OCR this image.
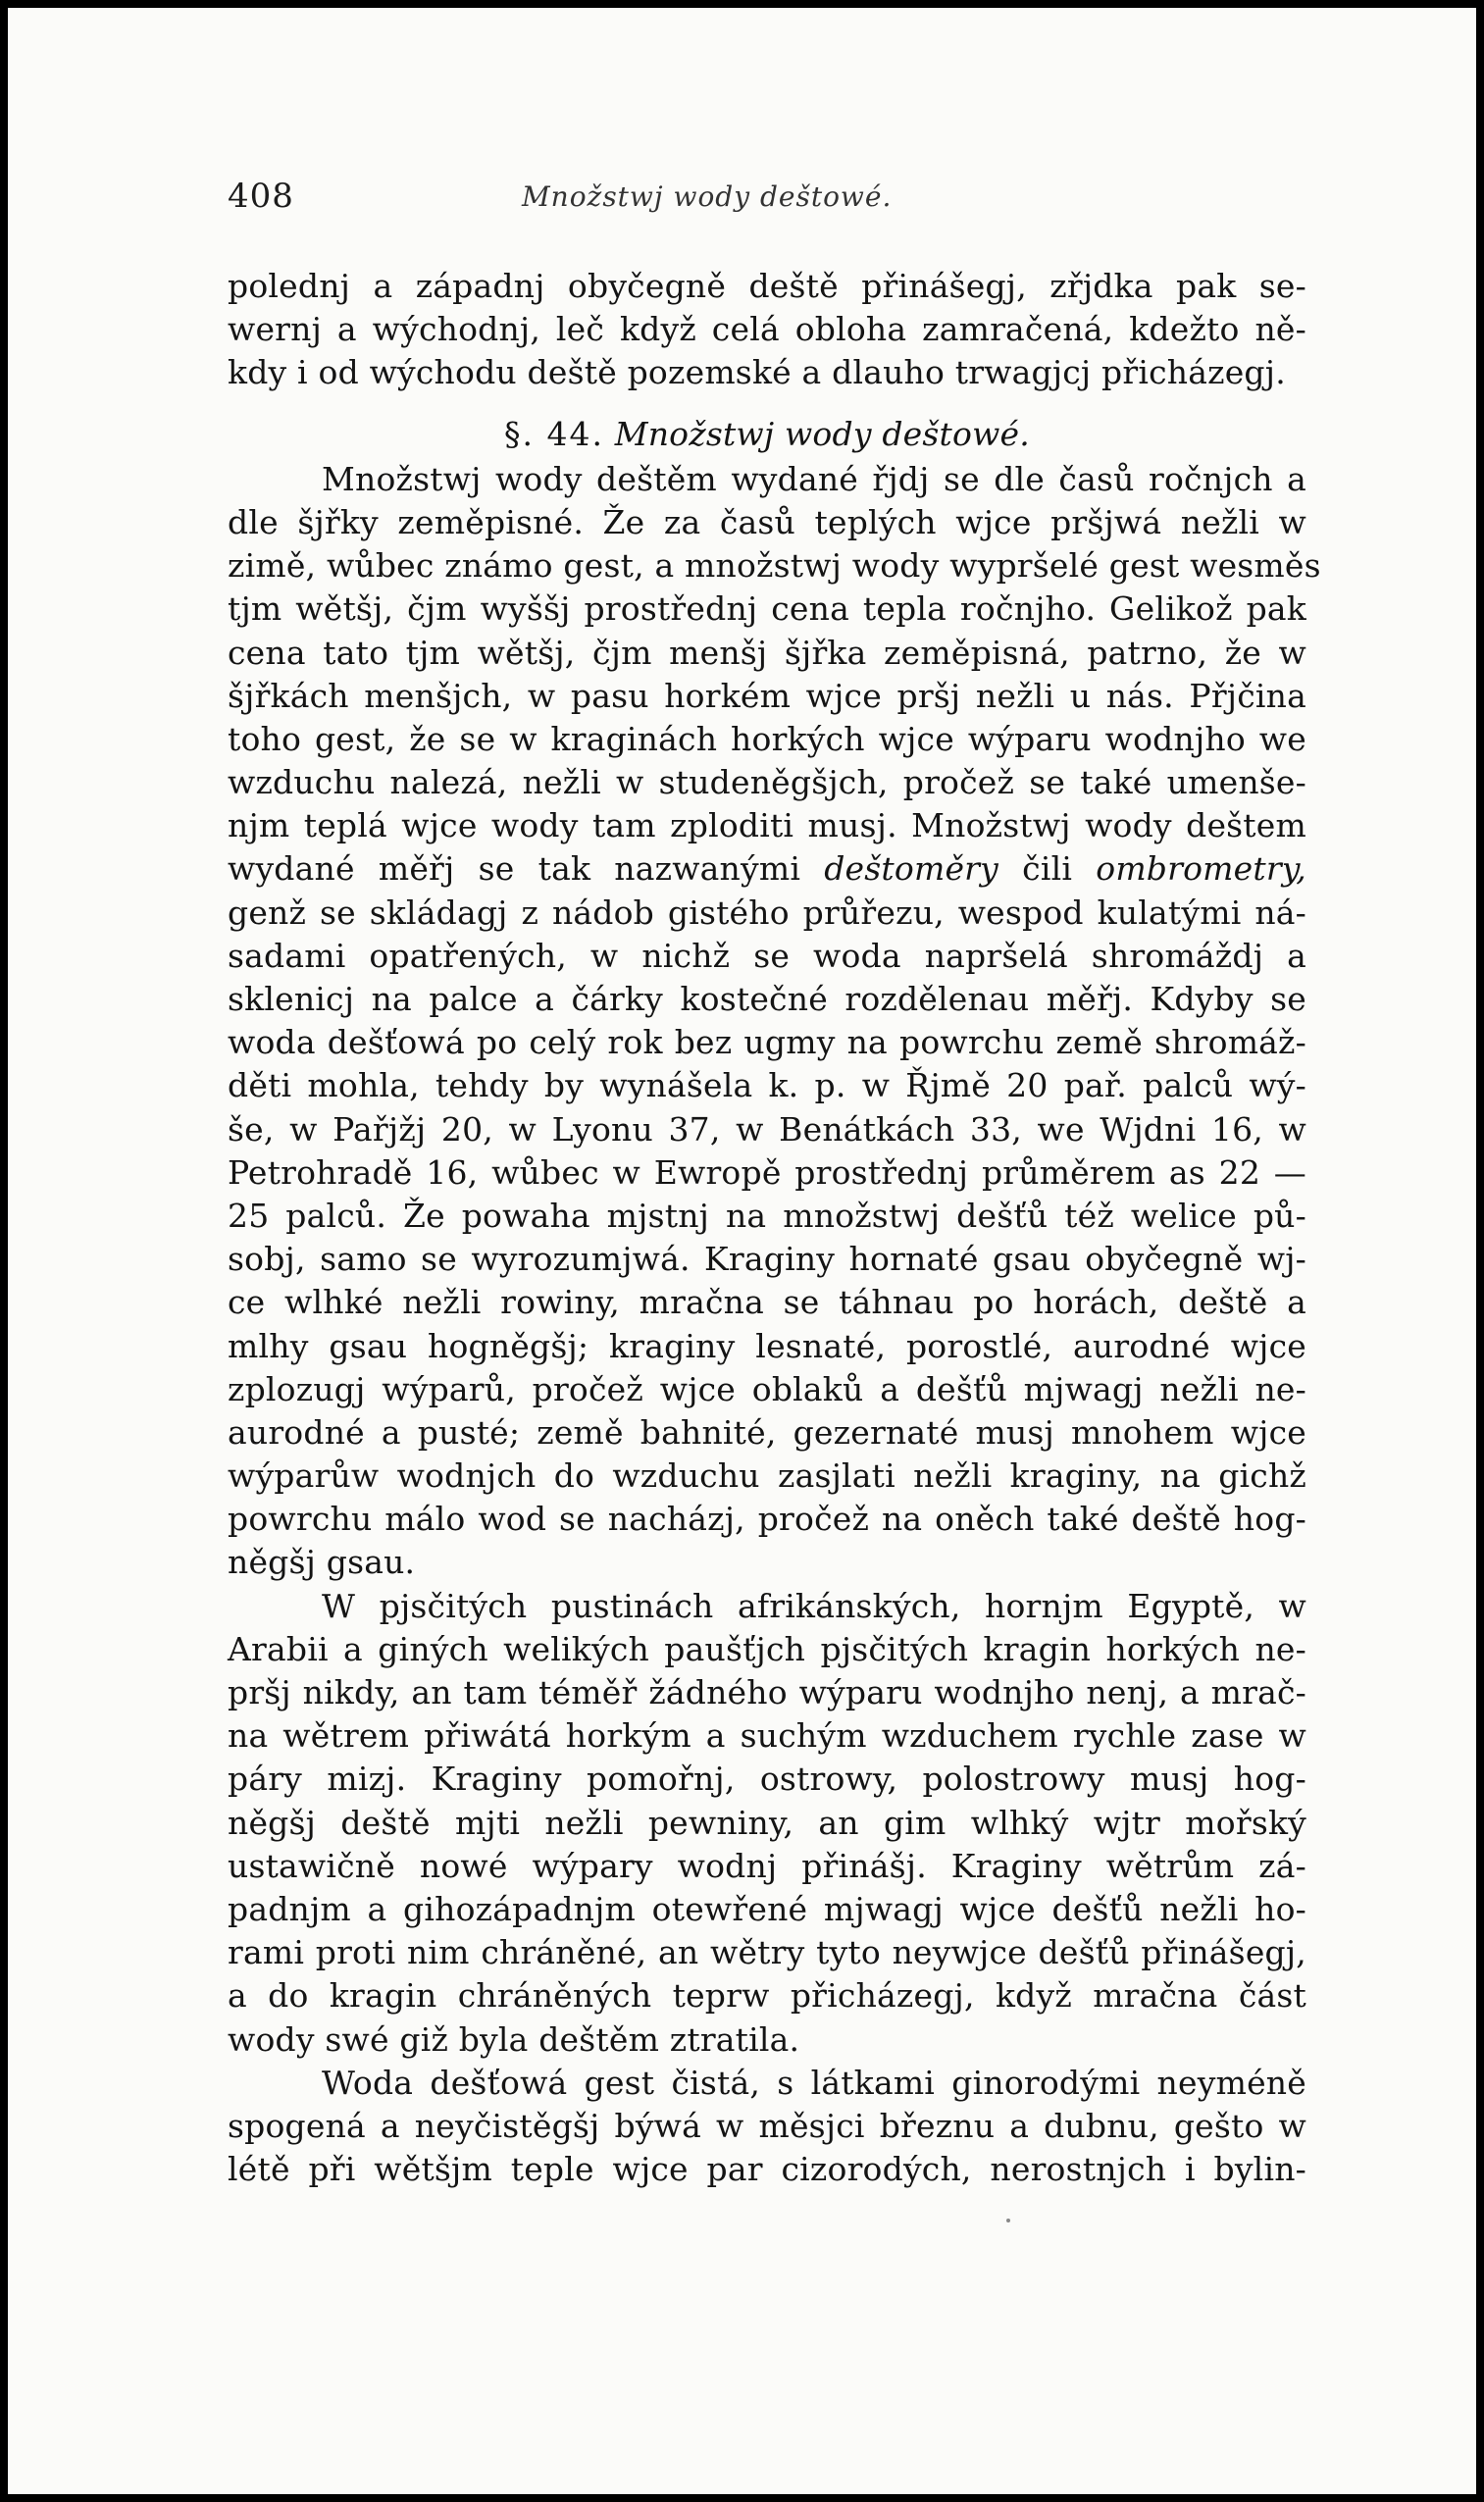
408	Množstwj wody deštowé.
polednj a západnj obyčegně deště přinášegj, zřjdka pak se-
wernj a wýchodnj, leč když celá obloha zamračená, kdežto ně-
kdy i od wýchodu deště pozemské a dlauho trwagjcj přicházegj.
§. 44. Množstwj wody deštowé.
Množstwj wody deštěm wydané řjdj se dle časů ročnjch a
dle šjřky zeměpisné. Že za časů teplých wjce pršjwá nežli w
zimě, wůbec známo gest, a množstwj wody wypršelé gest wesměs
tjm wětšj, čjm wyššj prostřednj cena tepla ročnjho. Gelikož pak
cena tato tjm wětšj, čjm menšj šjřka zeměpisná, patrno, že w
šjřkách menšjch, w pasu horkém wjce pršj nežli u nás. Přjčina
toho gest, že se w kraginách horkých wjce wýparu wodnjho we
wzduchu nalezá, nežli w studeněgšjch, pročež se také umenše-
njm teplá wjce wody tam zploditi musj. Množstwj wody deštem
wydané měřj se tak nazwanými deštoměry čili ombrometry,
genž se skládagj z nádob gistého průřezu, wespod kulatými ná-
sadami opatřených, w nichž se woda napršelá shromáždj a
sklenicj na palce a čárky kostečné rozdělenau měřj. Kdyby se
woda dešťowá po celý rok bez ugmy na powrchu země shromáž-
děti mohla, tehdy by wynášela k. p. w Řjmě 20 pař. palců wý-
še, w Pařjžj 20, w Lyonu 37, w Benátkách 33, we Wjdni 16, w
Petrohradě 16, wůbec w Ewropě prostřednj průměrem as 22 —
25 palců. Že powaha mjstnj na množstwj dešťů též welice pů-
sobj, samo se wyrozumjwá. Kraginy hornaté gsau obyčegně wj-
ce wlhké nežli rowiny, mračna se táhnau po horách, deště a
mlhy gsau hogněgšj; kraginy lesnaté, porostlé, aurodné wjce
zplozugj wýparů, pročež wjce oblaků a dešťů mjwagj nežli ne-
aurodné a pusté; země bahnité, gezernaté musj mnohem wjce
wýparůw wodnjch do wzduchu zasjlati nežli kraginy, na gichž
powrchu málo wod se nacházj, pročež na oněch také deště hog-
něgšj gsau.
W pjsčitých pustinách afrikánských, hornjm Egyptě, w
Arabii a giných welikých paušťjch pjsčitých kragin horkých ne-
pršj nikdy, an tam téměř žádného wýparu wodnjho nenj, a mrač-
na wětrem přiwátá horkým a suchým wzduchem rychle zase w
páry mizj. Kraginy pomořnj, ostrowy, polostrowy musj hog-
něgšj deště mjti nežli pewniny, an gim wlhký wjtr mořský
ustawičně nowé wýpary wodnj přinášj. Kraginy wětrům zá-
padnjm a gihozápadnjm otewřené mjwagj wjce dešťů nežli ho-
rami proti nim chráněné, an wětry tyto neywjce dešťů přinášegj,
a do kragin chráněných teprw přicházegj, když mračna část
wody swé giž byla deštěm ztratila.
Woda dešťowá gest čistá, s látkami ginorodými neyméně
spogená a neyčistěgšj býwá w měsjci březnu a dubnu, gešto w
létě při wětšjm teple wjce par cizorodých, nerostnjch i bylin-
